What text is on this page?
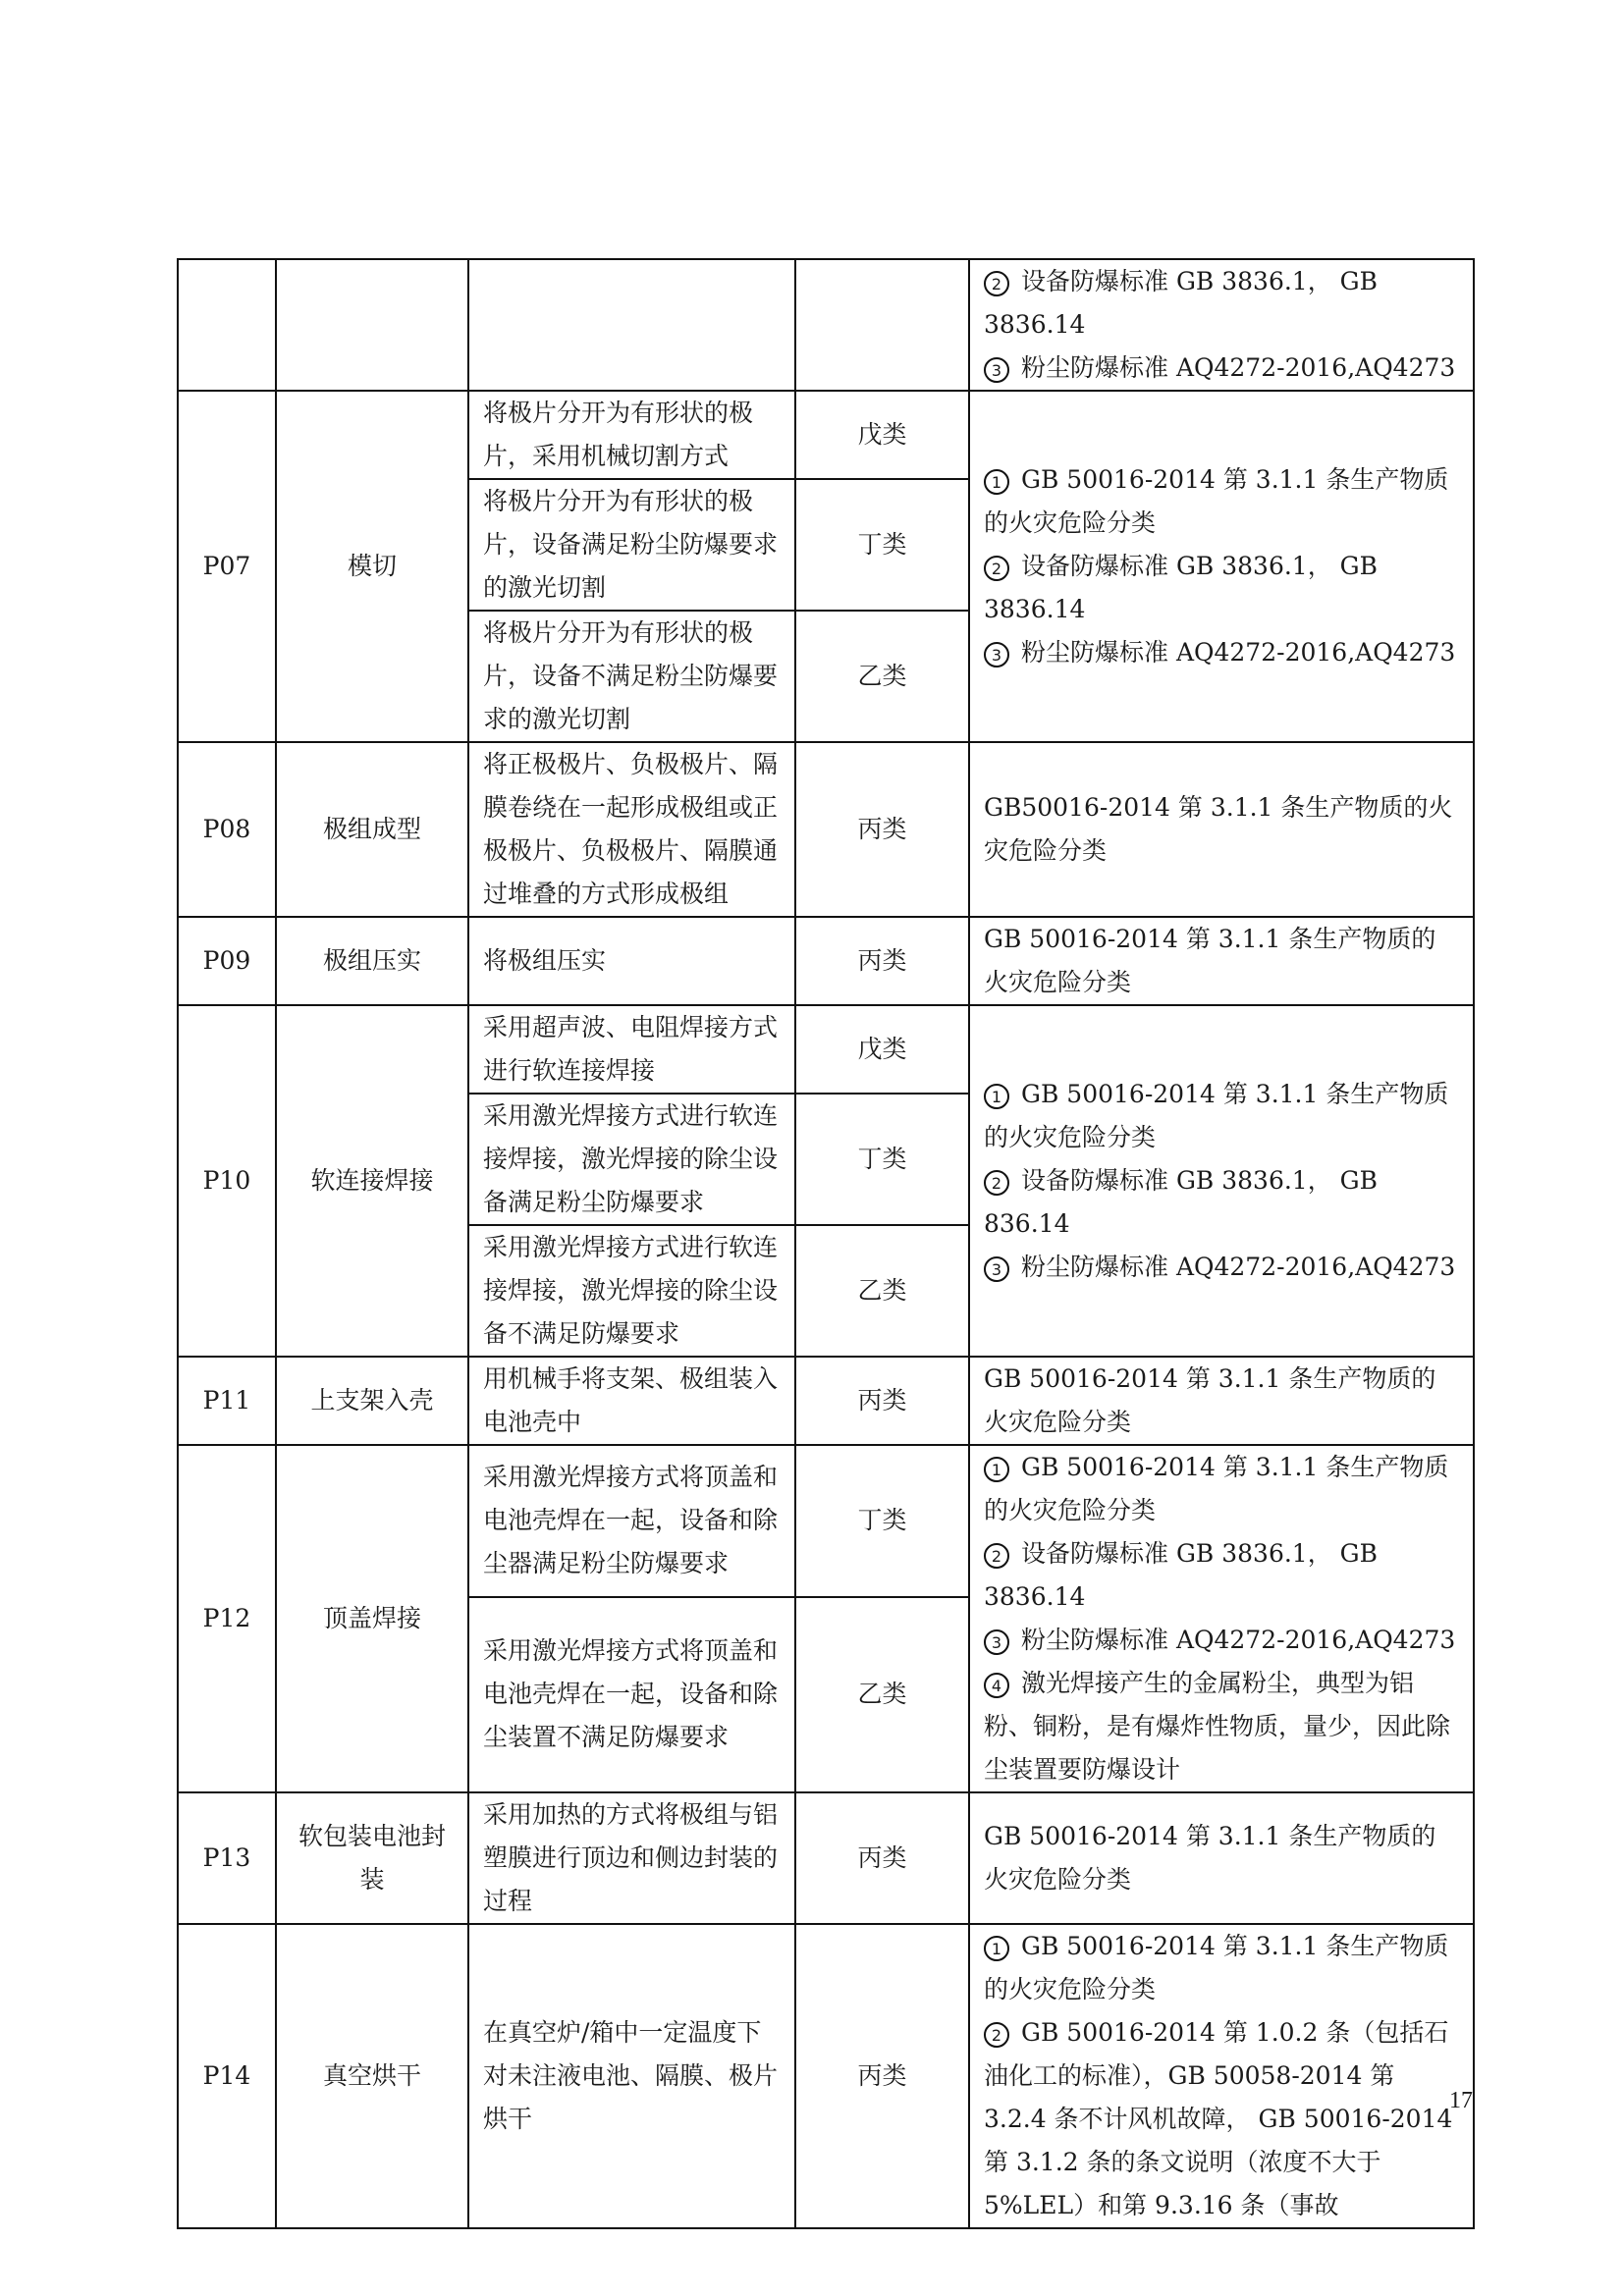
				2 设备防爆标准 GB 3836.1， GB 3836.14
3 粉尘防爆标准 AQ4272-2016,AQ4273

P07	模切	将极片分开为有形状的极片，采用机械切割方式	戊类	1 GB 50016-2014 第 3.1.1 条生产物质的火灾危险分类
2 设备防爆标准 GB 3836.1， GB 3836.14
3 粉尘防爆标准 AQ4272-2016,AQ4273

		将极片分开为有形状的极片，设备满足粉尘防爆要求的激光切割	丁类	
		将极片分开为有形状的极片，设备不满足粉尘防爆要求的激光切割	乙类	
P08	极组成型	将正极极片、负极极片、隔膜卷绕在一起形成极组或正极极片、负极极片、隔膜通过堆叠的方式形成极组	丙类	GB50016-2014 第 3.1.1 条生产物质的火灾危险分类
P09	极组压实	将极组压实	丙类	GB 50016-2014 第 3.1.1 条生产物质的火灾危险分类
P10	软连接焊接	采用超声波、电阻焊接方式进行软连接焊接	戊类	1 GB 50016-2014 第 3.1.1 条生产物质的火灾危险分类
2 设备防爆标准 GB 3836.1， GB 836.14
3 粉尘防爆标准 AQ4272-2016,AQ4273

		采用激光焊接方式进行软连接焊接，激光焊接的除尘设备满足粉尘防爆要求	丁类	
		采用激光焊接方式进行软连接焊接，激光焊接的除尘设备不满足防爆要求	乙类	
P11	上支架入壳	用机械手将支架、极组装入电池壳中	丙类	GB 50016-2014 第 3.1.1 条生产物质的火灾危险分类
P12	顶盖焊接	采用激光焊接方式将顶盖和电池壳焊在一起，设备和除尘器满足粉尘防爆要求	丁类	1 GB 50016-2014 第 3.1.1 条生产物质的火灾危险分类
2 设备防爆标准 GB 3836.1， GB 3836.14
3 粉尘防爆标准 AQ4272-2016,AQ4273
4 激光焊接产生的金属粉尘，典型为铝粉、铜粉，是有爆炸性物质，量少，因此除尘装置要防爆设计

		采用激光焊接方式将顶盖和电池壳焊在一起，设备和除尘装置不满足防爆要求	乙类	
P13	软包装电池封装	采用加热的方式将极组与铝塑膜进行顶边和侧边封装的过程	丙类	GB 50016-2014 第 3.1.1 条生产物质的火灾危险分类
P14	真空烘干	在真空炉/箱中一定温度下对未注液电池、隔膜、极片烘干	丙类	1 GB 50016-2014 第 3.1.1 条生产物质的火灾危险分类
2 GB 50016-2014 第 1.0.2 条（包括石油化工的标准），GB 50058-2014 第 3.2.4 条不计风机故障， GB 50016-2014 第 3.1.2 条的条文说明（浓度不大于 5%LEL）和第 9.3.16 条（事故
17
